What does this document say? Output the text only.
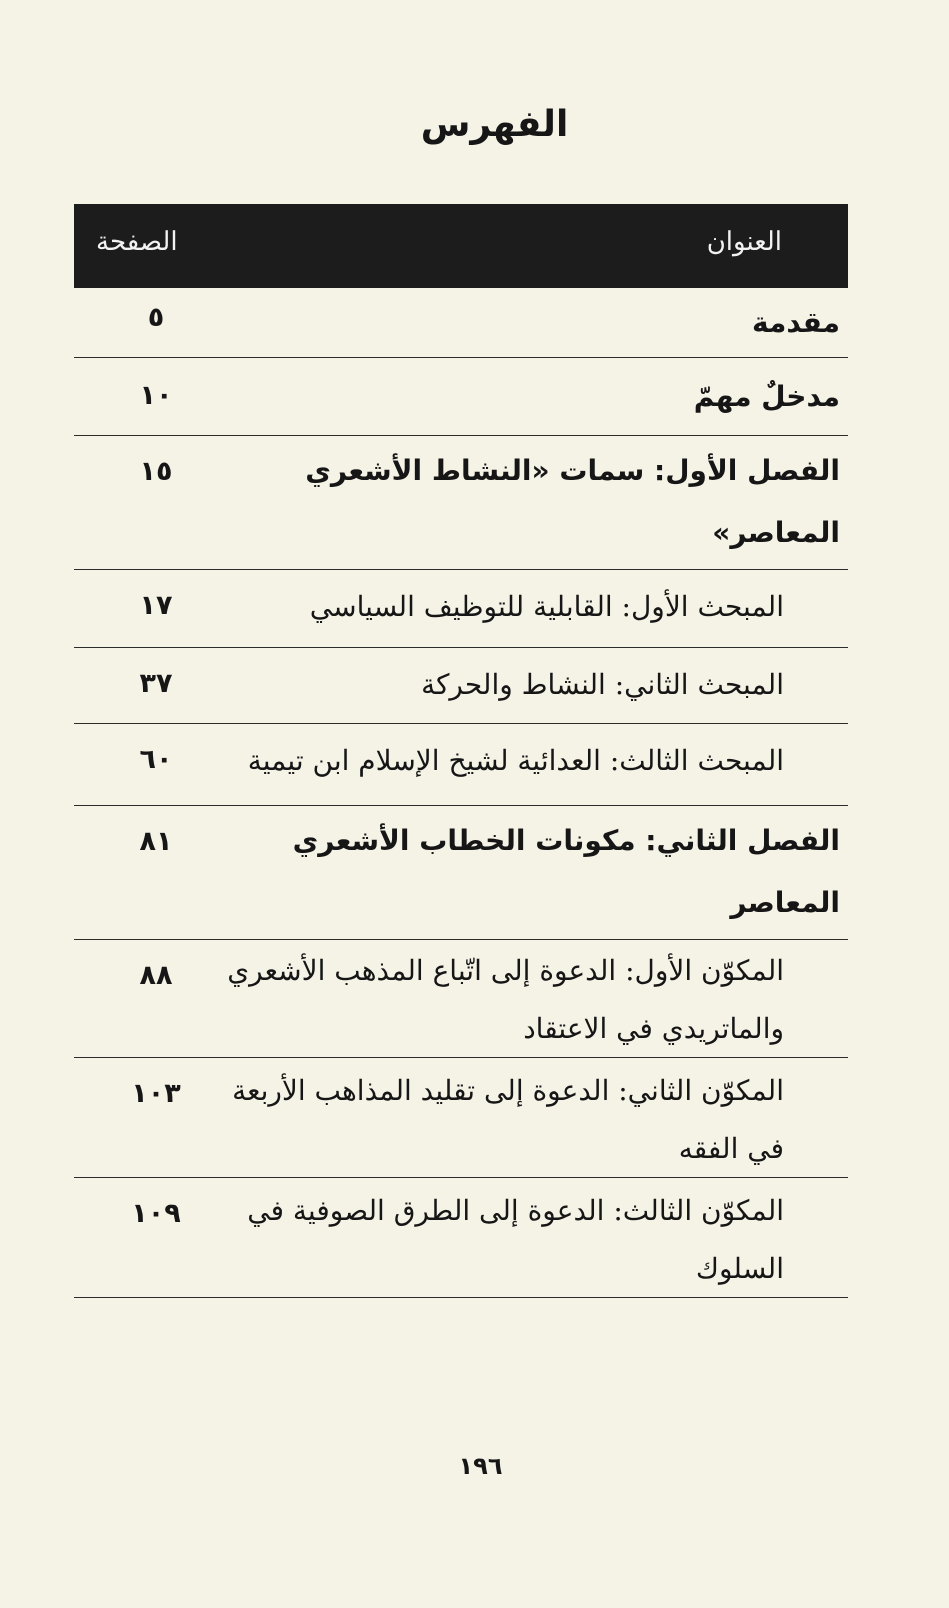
الفهرس
العنوان
الصفحة
مقدمة
٥
مدخلٌ مهمّ
١٠
الفصل الأول: سمات «النشاط الأشعري المعاصر»
١٥
المبحث الأول: القابلية للتوظيف السياسي
١٧
المبحث الثاني: النشاط والحركة
٣٧
المبحث الثالث: العدائية لشيخ الإسلام ابن تيمية
٦٠
الفصل الثاني: مكونات الخطاب الأشعري المعاصر
٨١
المكوّن الأول: الدعوة إلى اتّباع المذهب الأشعري والماتريدي في الاعتقاد
٨٨
المكوّن الثاني: الدعوة إلى تقليد المذاهب الأربعة في الفقه
١٠٣
المكوّن الثالث: الدعوة إلى الطرق الصوفية في السلوك
١٠٩
١٩٦
